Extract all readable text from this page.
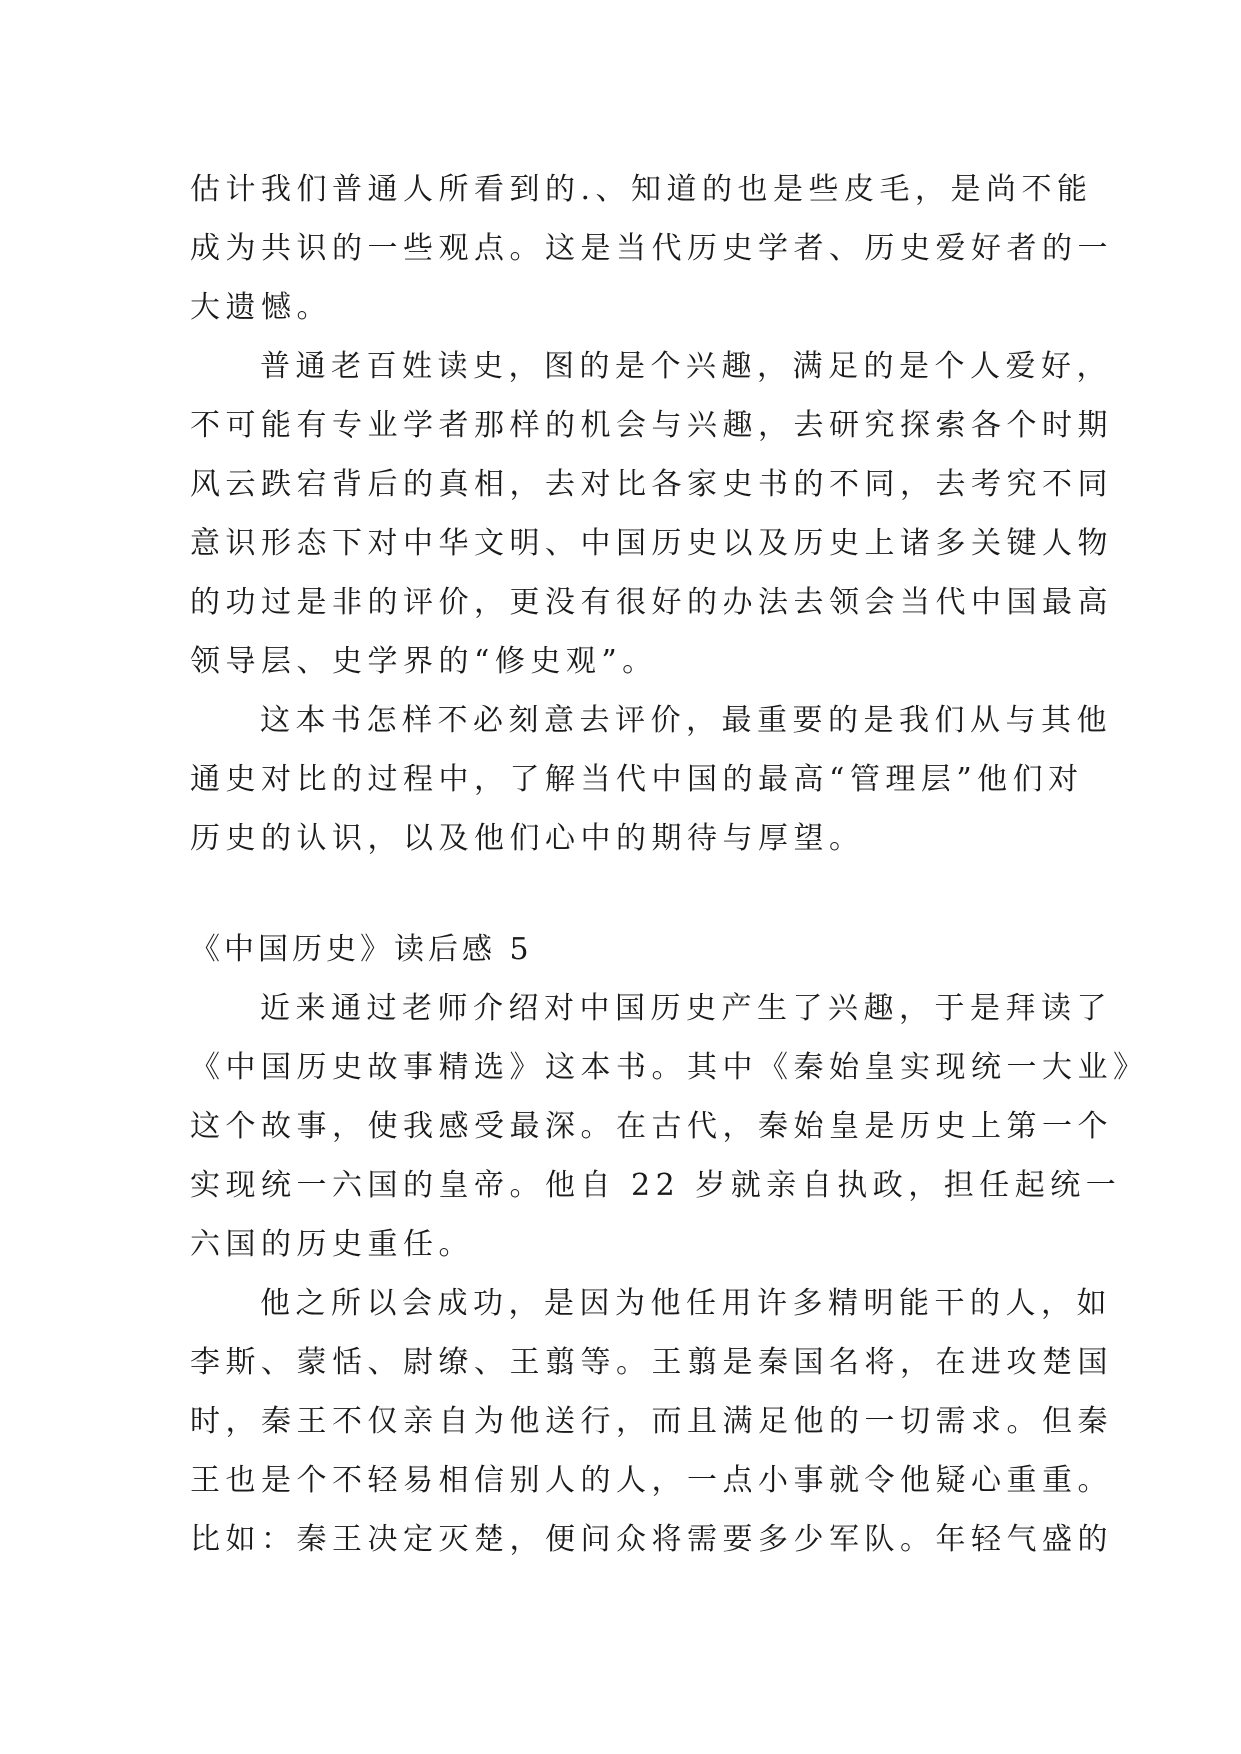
估计我们普通人所看到的.、知道的也是些皮毛，是尚不能
成为共识的一些观点。这是当代历史学者、历史爱好者的一
大遗憾。
普通老百姓读史，图的是个兴趣，满足的是个人爱好，
不可能有专业学者那样的机会与兴趣，去研究探索各个时期
风云跌宕背后的真相，去对比各家史书的不同，去考究不同
意识形态下对中华文明、中国历史以及历史上诸多关键人物
的功过是非的评价，更没有很好的办法去领会当代中国最高
领导层、史学界的“修史观”。
这本书怎样不必刻意去评价，最重要的是我们从与其他
通史对比的过程中，了解当代中国的最高“管理层”他们对
历史的认识，以及他们心中的期待与厚望。
《中国历史》读后感 5
近来通过老师介绍对中国历史产生了兴趣，于是拜读了
《中国历史故事精选》这本书。其中《秦始皇实现统一大业》
这个故事，使我感受最深。在古代，秦始皇是历史上第一个
实现统一六国的皇帝。他自 22 岁就亲自执政，担任起统一
六国的历史重任。
他之所以会成功，是因为他任用许多精明能干的人，如
李斯、蒙恬、尉缭、王翦等。王翦是秦国名将，在进攻楚国
时，秦王不仅亲自为他送行，而且满足他的一切需求。但秦
王也是个不轻易相信别人的人，一点小事就令他疑心重重。
比如：秦王决定灭楚，便问众将需要多少军队。年轻气盛的
